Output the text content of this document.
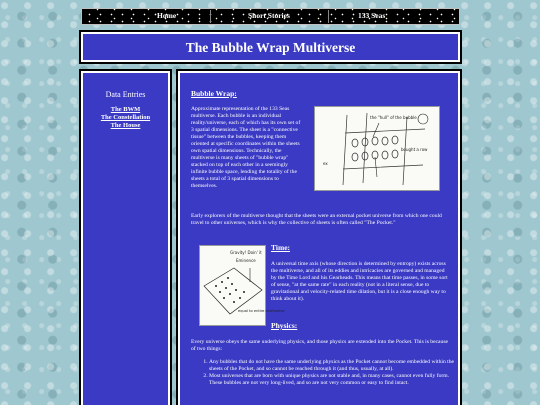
Home	Short Stories	133 Seas
The Bubble Wrap Multiverse
Data Entries
The BWM
The Constellation
The House
Bubble Wrap:

Approximate representation of the 133 Seas multiverse. Each bubble is an individual reality/universe, each of which has its own set of 3 spatial dimensions. The sheet is a "connective tissue" between the bubbles, keeping them oriented at specific coordinates within the sheets own spatial dimensions. Technically, the multiverse is many sheets of "bubble wrap" stacked on top of each other in a seemingly infinite bubble space, lending the totality of the sheets a total of 3 spatial dimensions to themselves.

the "hull" of the bubble
bought a row
ex

Early explorers of the multiverse thought that the sheets were an external pocket universe from which one could travel to other universes, which is why the collective of sheets is often called "The Pocket."

Gravity! Doin' it
Eminence
equal to entire multiverse
Time:

A universal time axis (whose direction is determined by entropy) exists across the multiverse, and all of its eddies and intricacies are governed and managed by the Time Lord and his Gearheads. This means that time passes, in some sort of sense, "at the same rate" in each reality (not in a literal sense, due to gravitational and velocity-related time dilation, but it is a close enough way to think about it).

Physics:

Every universe obeys the same underlying physics, and those physics are extended into the Pocket. This is because of two things:

1. Any bubbles that do not have the same underlying physics as the Pocket cannot become embedded within the sheets of the Pocket, and so cannot be reached through it (and thus, usually, at all).
2. Most universes that are born with unique physics are not stable and, in many cases, cannot even fully form. These bubbles are not very long-lived, and so are not very common or easy to find intact.
